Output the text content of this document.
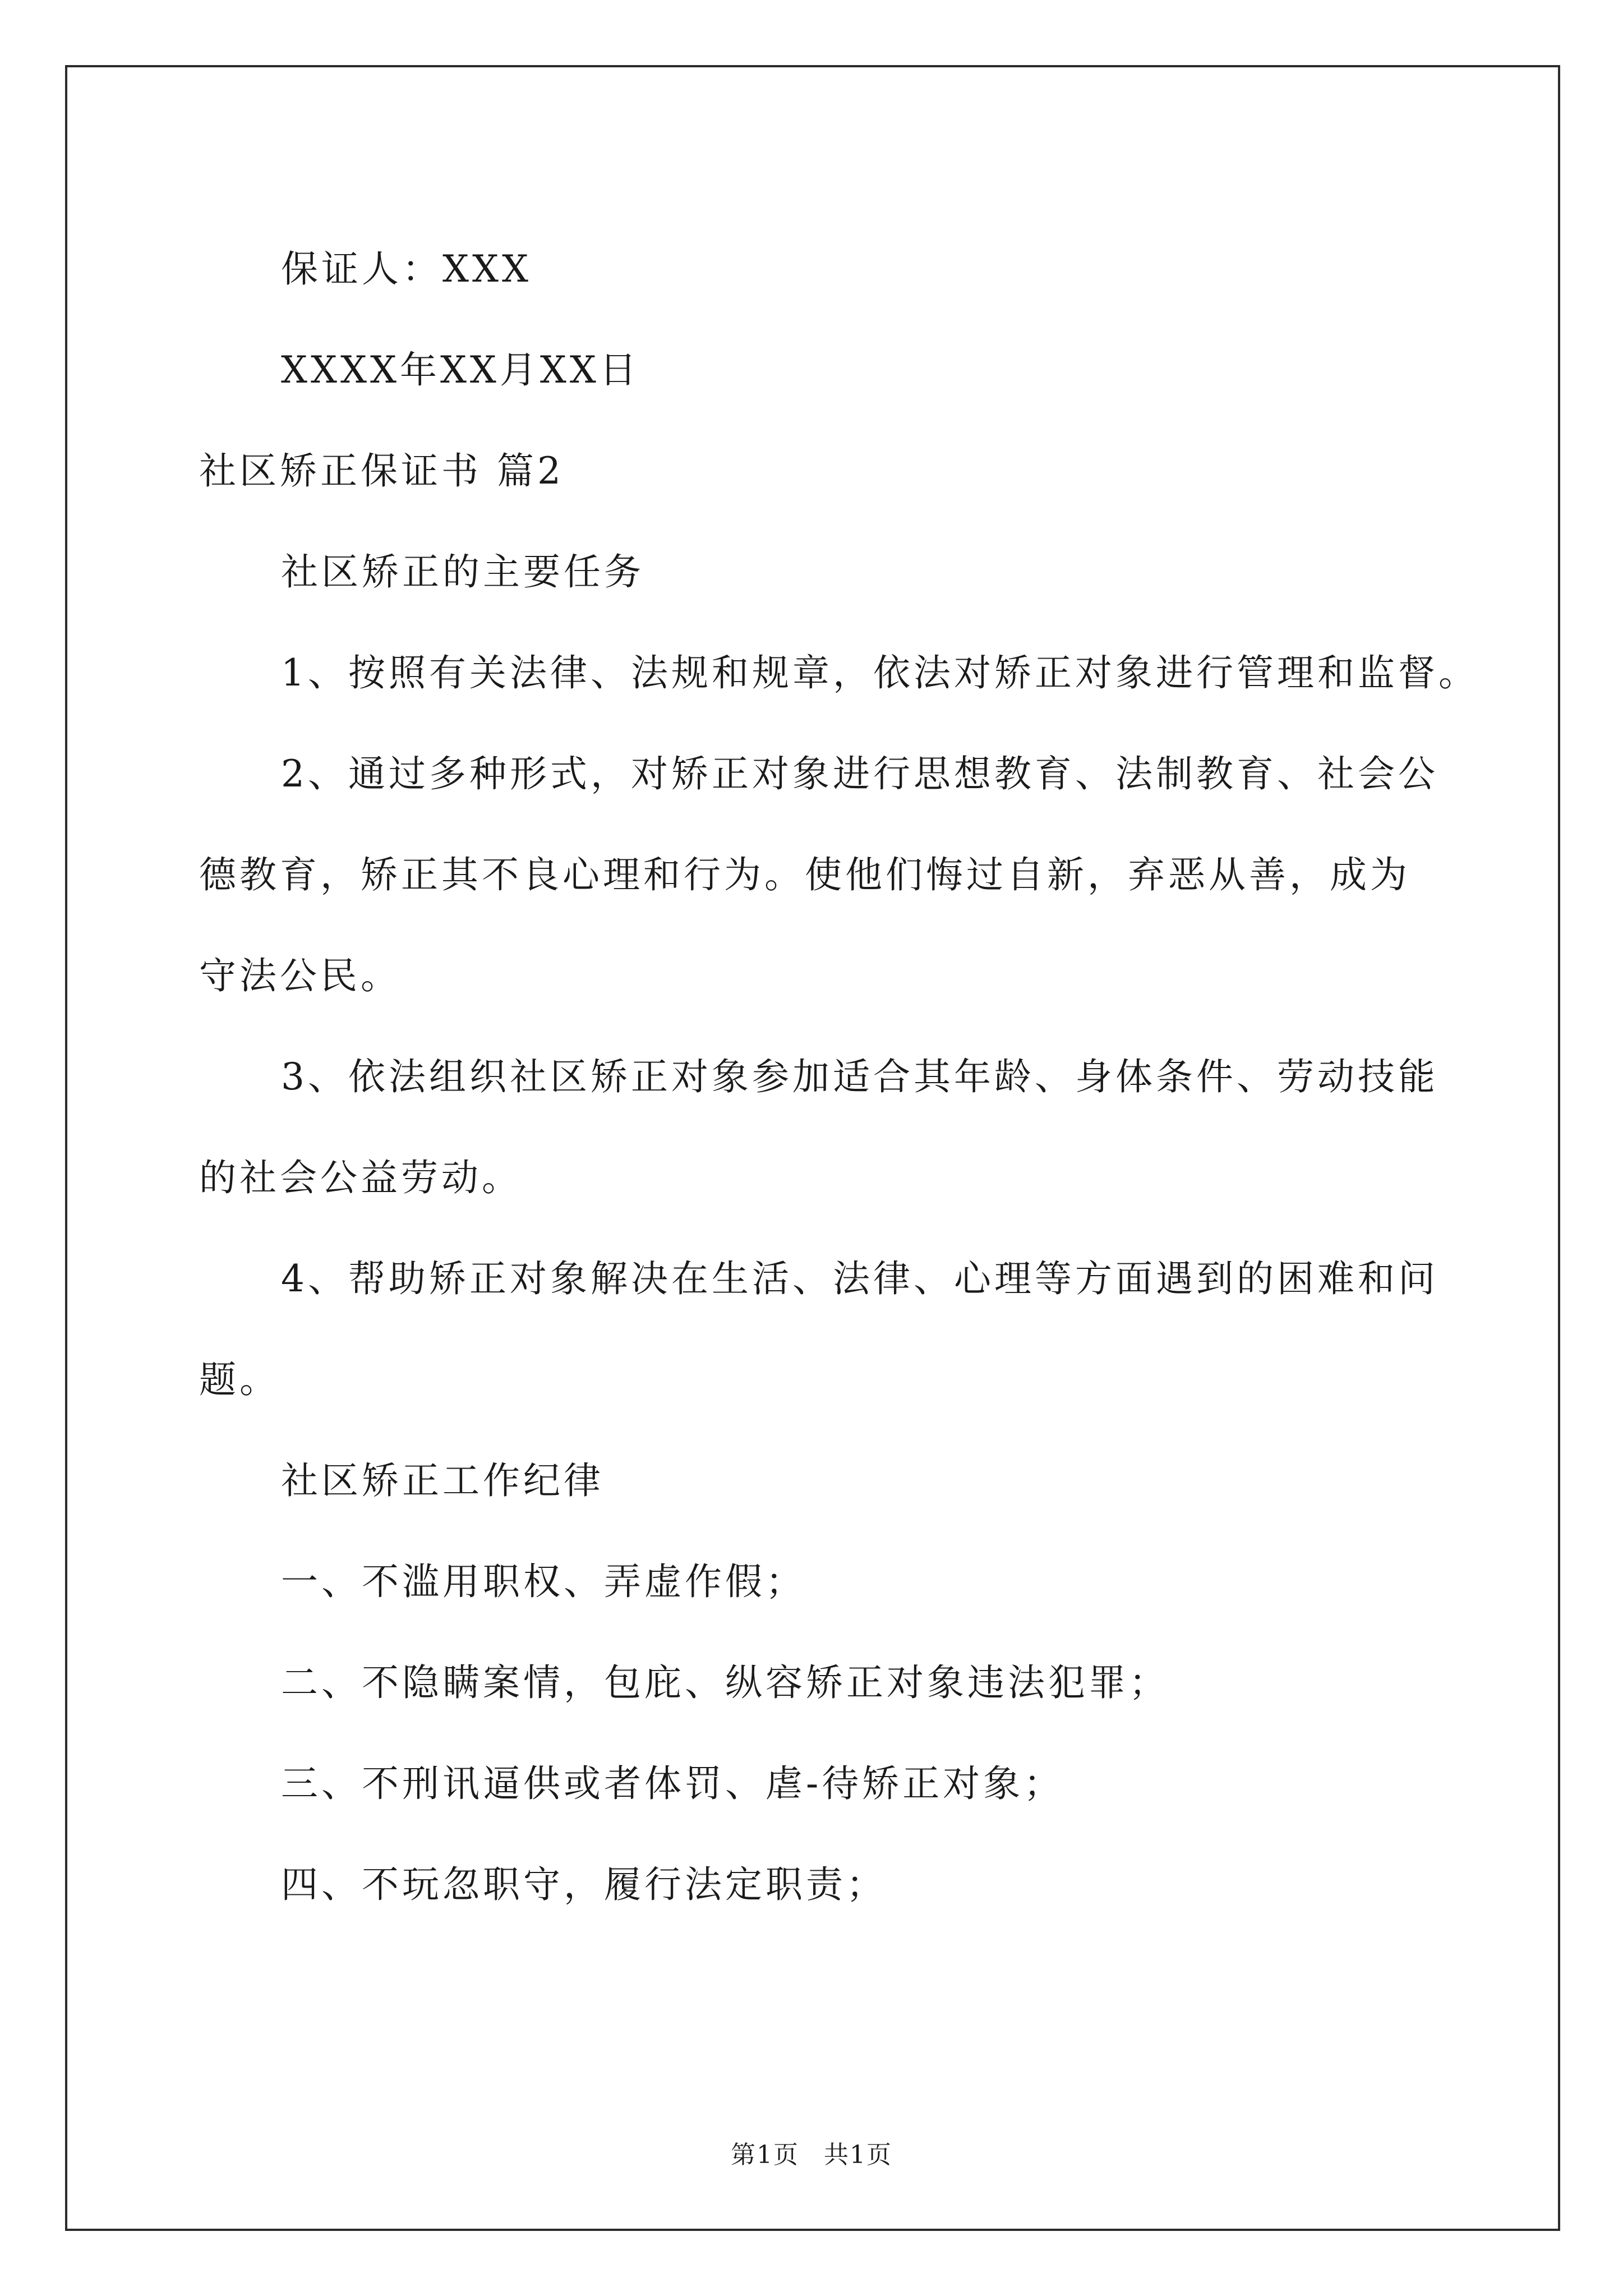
保证人：XXX

XXXX年XX月XX日

社区矫正保证书 篇2

社区矫正的主要任务

1、按照有关法律、法规和规章，依法对矫正对象进行管理和监督。

2、通过多种形式，对矫正对象进行思想教育、法制教育、社会公

德教育，矫正其不良心理和行为。使他们悔过自新，弃恶从善，成为

守法公民。

3、依法组织社区矫正对象参加适合其年龄、身体条件、劳动技能

的社会公益劳动。

4、帮助矫正对象解决在生活、法律、心理等方面遇到的困难和问

题。

社区矫正工作纪律

一、不滥用职权、弄虚作假；

二、不隐瞒案情，包庇、纵容矫正对象违法犯罪；

三、不刑讯逼供或者体罚、虐-待矫正对象；

四、不玩忽职守，履行法定职责；

第1页 共1页
